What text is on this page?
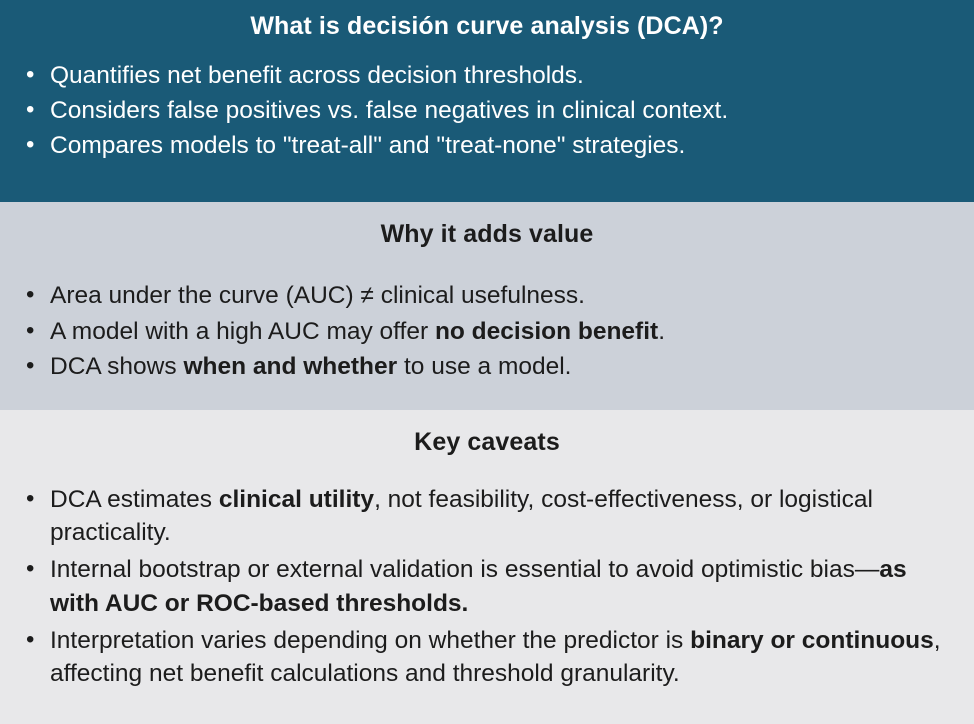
What is decisión curve analysis (DCA)?
• Quantifies net benefit across decision thresholds.
• Considers false positives vs. false negatives in clinical context.
• Compares models to "treat-all" and "treat-none" strategies.
Why it adds value
• Area under the curve (AUC) ≠ clinical usefulness.
• A model with a high AUC may offer no decision benefit.
• DCA shows when and whether to use a model.
Key caveats
• DCA estimates clinical utility, not feasibility, cost-effectiveness, or logistical practicality.
• Internal bootstrap or external validation is essential to avoid optimistic bias—as with AUC or ROC-based thresholds.
• Interpretation varies depending on whether the predictor is binary or continuous, affecting net benefit calculations and threshold granularity.
